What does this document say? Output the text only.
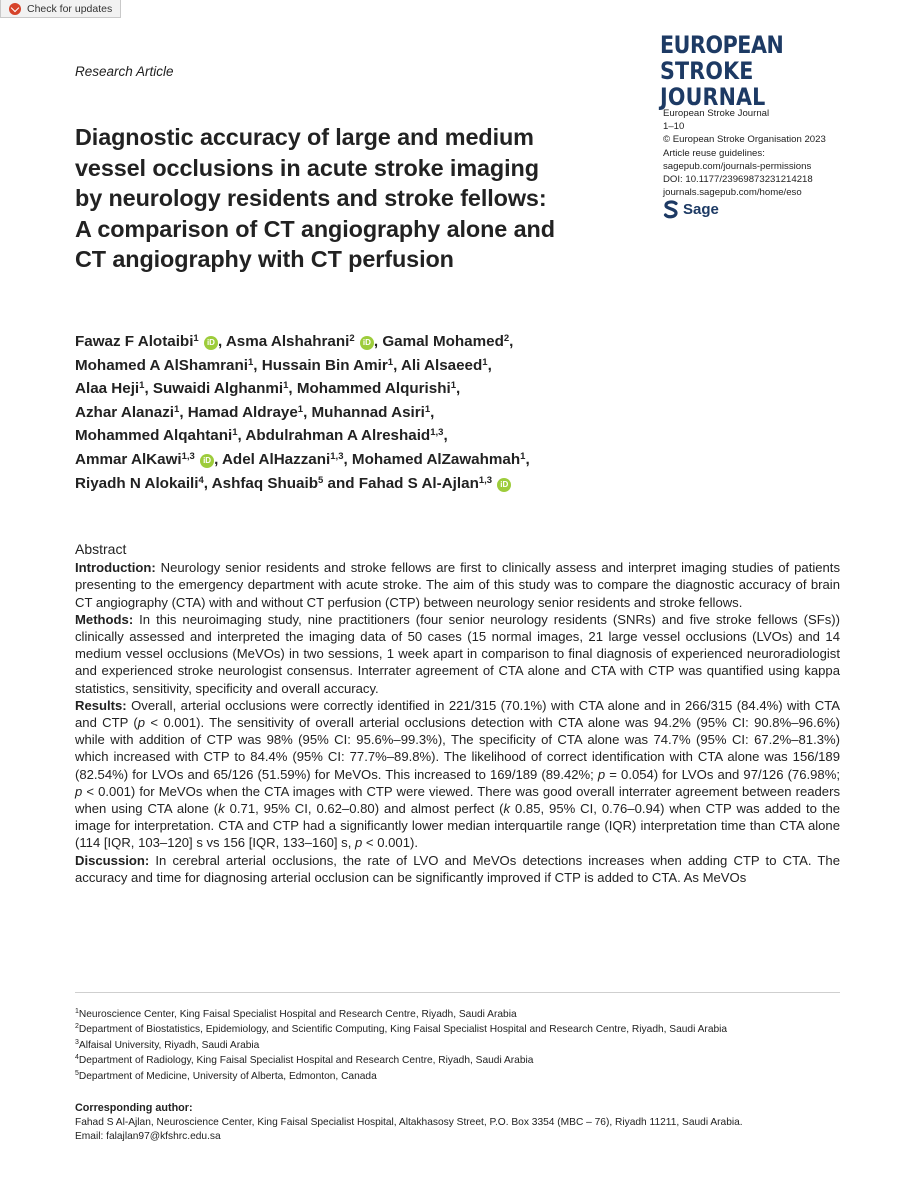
Check for updates
Research Article
EUROPEAN
STROKE JOURNAL
European Stroke Journal
1–10
© European Stroke Organisation 2023
Article reuse guidelines:
sagepub.com/journals-permissions
DOI: 10.1177/23969873231214218
journals.sagepub.com/home/eso
Sage
Diagnostic accuracy of large and medium
vessel occlusions in acute stroke imaging
by neurology residents and stroke fellows:
A comparison of CT angiography alone and
CT angiography with CT perfusion
Fawaz F Alotaibi$^1$ iD , Asma Alshahrani$^2$ iD , Gamal Mohamed$^2$,
Mohamed A AlShamrani$^1$, Hussain Bin Amir$^1$, Ali Alsaeed$^1$,
Alaa Heji$^1$, Suwaidi Alghanmi$^1$, Mohammed Alqurishi$^1$,
Azhar Alanazi$^1$, Hamad Aldraye$^1$, Muhannad Asiri$^1$,
Mohammed Alqahtani$^1$, Abdulrahman A Alreshaid$^{1,3}$,
Ammar AlKawi$^{1,3}$ iD , Adel AlHazzani$^{1,3}$, Mohamed AlZawahmah$^1$,
Riyadh N Alokaili$^4$, Ashfaq Shuaib$^5$ and Fahad S Al-Ajlan$^{1,3}$ iD
Abstract

Introduction: Neurology senior residents and stroke fellows are first to clinically assess and interpret imaging studies of patients presenting to the emergency department with acute stroke. The aim of this study was to compare the diagnostic accuracy of brain CT angiography (CTA) with and without CT perfusion (CTP) between neurology senior residents and stroke fellows.

Methods: In this neuroimaging study, nine practitioners (four senior neurology residents (SNRs) and five stroke fellows (SFs)) clinically assessed and interpreted the imaging data of 50 cases (15 normal images, 21 large vessel occlusions (LVOs) and 14 medium vessel occlusions (MeVOs) in two sessions, 1 week apart in comparison to final diagnosis of experienced neuroradiologist and experienced stroke neurologist consensus. Interrater agreement of CTA alone and CTA with CTP was quantified using kappa statistics, sensitivity, specificity and overall accuracy.

Results: Overall, arterial occlusions were correctly identified in 221/315 (70.1%) with CTA alone and in 266/315 (84.4%) with CTA and CTP (p < 0.001). The sensitivity of overall arterial occlusions detection with CTA alone was 94.2% (95% CI: 90.8%–96.6%) while with addition of CTP was 98% (95% CI: 95.6%–99.3%), The specificity of CTA alone was 74.7% (95% CI: 67.2%–81.3%) which increased with CTP to 84.4% (95% CI: 77.7%–89.8%). The likelihood of correct identification with CTA alone was 156/189 (82.54%) for LVOs and 65/126 (51.59%) for MeVOs. This increased to 169/189 (89.42%; p = 0.054) for LVOs and 97/126 (76.98%; p < 0.001) for MeVOs when the CTA images with CTP were viewed. There was good overall interrater agreement between readers when using CTA alone (k 0.71, 95% CI, 0.62–0.80) and almost perfect (k 0.85, 95% CI, 0.76–0.94) when CTP was added to the image for interpretation. CTA and CTP had a significantly lower median interquartile range (IQR) interpretation time than CTA alone (114 [IQR, 103–120] s vs 156 [IQR, 133–160] s, p < 0.001).

Discussion: In cerebral arterial occlusions, the rate of LVO and MeVOs detections increases when adding CTP to CTA. The accuracy and time for diagnosing arterial occlusion can be significantly improved if CTP is added to CTA. As MeVOs

$^1$Neuroscience Center, King Faisal Specialist Hospital and Research Centre, Riyadh, Saudi Arabia
$^2$Department of Biostatistics, Epidemiology, and Scientific Computing, King Faisal Specialist Hospital and Research Centre, Riyadh, Saudi Arabia
$^3$Alfaisal University, Riyadh, Saudi Arabia
$^4$Department of Radiology, King Faisal Specialist Hospital and Research Centre, Riyadh, Saudi Arabia
$^5$Department of Medicine, University of Alberta, Edmonton, Canada
Corresponding author:
Fahad S Al-Ajlan, Neuroscience Center, King Faisal Specialist Hospital, Altakhasosy Street, P.O. Box 3354 (MBC – 76), Riyadh 11211, Saudi Arabia.
Email: falajlan97@kfshrc.edu.sa
